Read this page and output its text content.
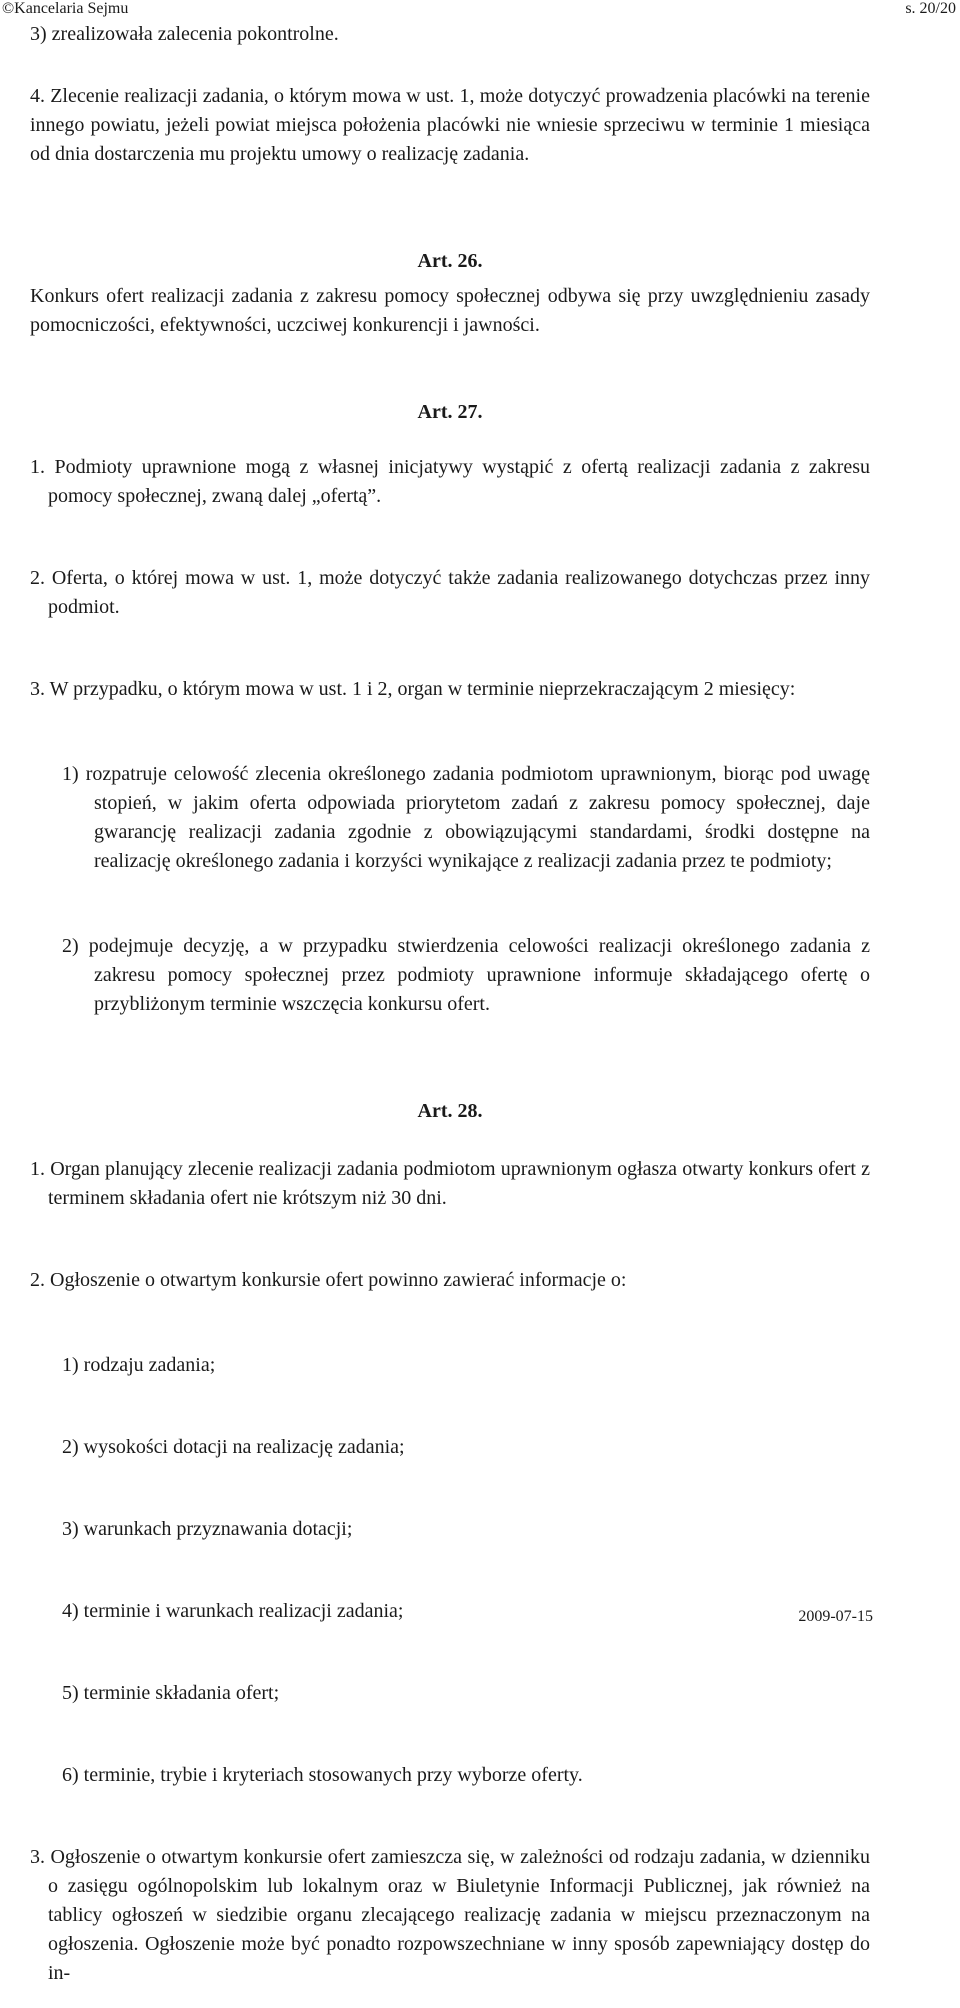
©Kancelaria Sejmu	s. 20/20

3) zrealizowała zalecenia pokontrolne.

4. Zlecenie realizacji zadania, o którym mowa w ust. 1, może dotyczyć prowadzenia placówki na terenie innego powiatu, jeżeli powiat miejsca położenia placówki nie wniesie sprzeciwu w terminie 1 miesiąca od dnia dostarczenia mu projektu umowy o realizację zadania.

Art. 26.

Konkurs ofert realizacji zadania z zakresu pomocy społecznej odbywa się przy uwzględnieniu zasady pomocniczości, efektywności, uczciwej konkurencji i jawności.

Art. 27.

1. Podmioty uprawnione mogą z własnej inicjatywy wystąpić z ofertą realizacji zadania z zakresu pomocy społecznej, zwaną dalej „ofertą”.

2. Oferta, o której mowa w ust. 1, może dotyczyć także zadania realizowanego dotychczas przez inny podmiot.

3. W przypadku, o którym mowa w ust. 1 i 2, organ w terminie nieprzekraczającym 2 miesięcy:

1) rozpatruje celowość zlecenia określonego zadania podmiotom uprawnionym, biorąc pod uwagę stopień, w jakim oferta odpowiada priorytetom zadań z zakresu pomocy społecznej, daje gwarancję realizacji zadania zgodnie z obowiązującymi standardami, środki dostępne na realizację określonego zadania i korzyści wynikające z realizacji zadania przez te podmioty;

2) podejmuje decyzję, a w przypadku stwierdzenia celowości realizacji określonego zadania z zakresu pomocy społecznej przez podmioty uprawnione informuje składającego ofertę o przybliżonym terminie wszczęcia konkursu ofert.

Art. 28.

1. Organ planujący zlecenie realizacji zadania podmiotom uprawnionym ogłasza otwarty konkurs ofert z terminem składania ofert nie krótszym niż 30 dni.

2. Ogłoszenie o otwartym konkursie ofert powinno zawierać informacje o:

1) rodzaju zadania;

2) wysokości dotacji na realizację zadania;

3) warunkach przyznawania dotacji;

4) terminie i warunkach realizacji zadania;

5) terminie składania ofert;

6) terminie, trybie i kryteriach stosowanych przy wyborze oferty.

3. Ogłoszenie o otwartym konkursie ofert zamieszcza się, w zależności od rodzaju zadania, w dzienniku o zasięgu ogólnopolskim lub lokalnym oraz w Biuletynie Informacji Publicznej, jak również na tablicy ogłoszeń w siedzibie organu zlecającego realizację zadania w miejscu przeznaczonym na ogłoszenia. Ogłoszenie może być ponadto rozpowszechniane w inny sposób zapewniający dostęp do in-

2009-07-15
